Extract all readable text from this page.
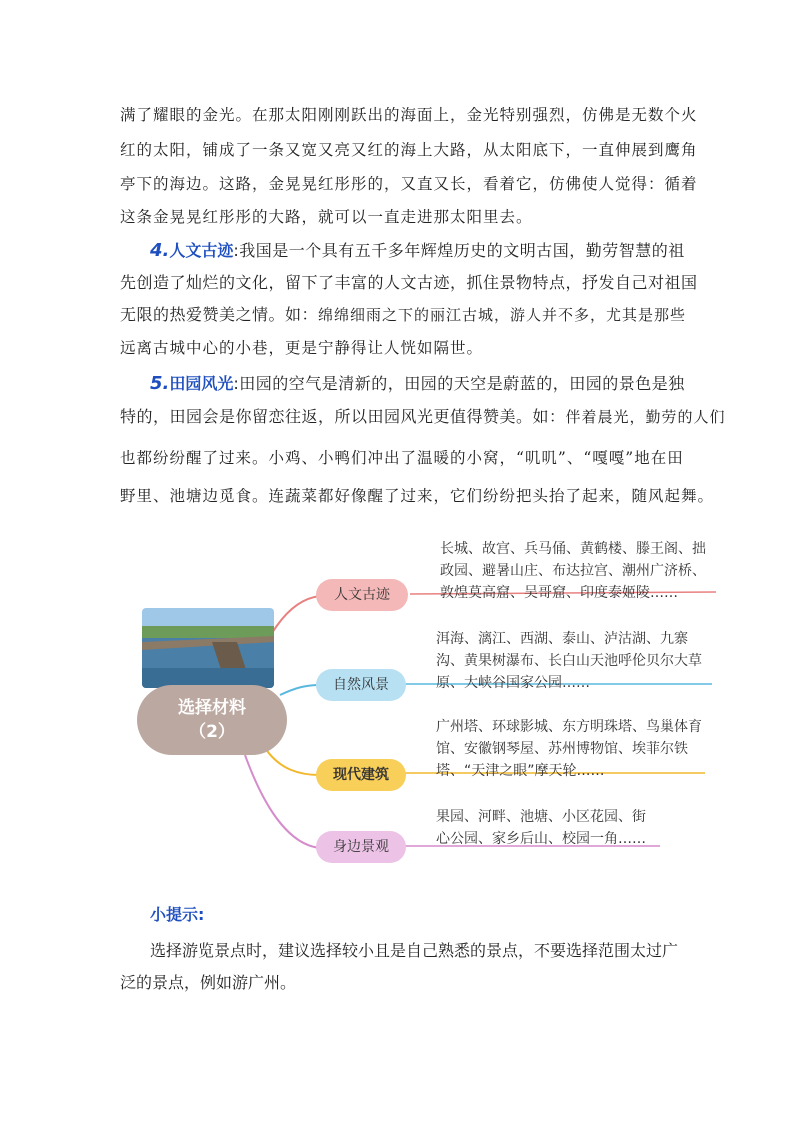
满了耀眼的金光。在那太阳刚刚跃出的海面上，金光特别强烈，仿佛是无数个火
红的太阳，铺成了一条又宽又亮又红的海上大路，从太阳底下，一直伸展到鹰角
亭下的海边。这路，金晃晃红彤彤的，又直又长，看着它，仿佛使人觉得：循着
这条金晃晃红彤彤的大路，就可以一直走进那太阳里去。
4.人文古迹:我国是一个具有五千多年辉煌历史的文明古国，勤劳智慧的祖
先创造了灿烂的文化，留下了丰富的人文古迹，抓住景物特点，抒发自己对祖国
无限的热爱赞美之情。如：绵绵细雨之下的丽江古城，游人并不多，尤其是那些
远离古城中心的小巷，更是宁静得让人恍如隔世。
5.田园风光:田园的空气是清新的，田园的天空是蔚蓝的，田园的景色是独
特的，田园会是你留恋往返，所以田园风光更值得赞美。如：伴着晨光，勤劳的人们
也都纷纷醒了过来。小鸡、小鸭们冲出了温暖的小窝，“叽叽”、“嘎嘎”地在田
野里、池塘边觅食。连蔬菜都好像醒了过来，它们纷纷把头抬了起来，随风起舞。
选择材料
（2）
人文古迹
自然风景
现代建筑
身边景观
长城、故宫、兵马俑、黄鹤楼、滕王阁、拙
政园、避暑山庄、布达拉宫、潮州广济桥、
敦煌莫高窟、吴哥窟、印度泰姬陵……
洱海、漓江、西湖、泰山、泸沽湖、九寨
沟、黄果树瀑布、长白山天池呼伦贝尔大草
原、大峡谷国家公园……
广州塔、环球影城、东方明珠塔、鸟巢体育
馆、安徽钢琴屋、苏州博物馆、埃菲尔铁
塔、“天津之眼”摩天轮……
果园、河畔、池塘、小区花园、街
心公园、家乡后山、校园一角……
小提示:
选择游览景点时，建议选择较小且是自己熟悉的景点，不要选择范围太过广
泛的景点，例如游广州。
